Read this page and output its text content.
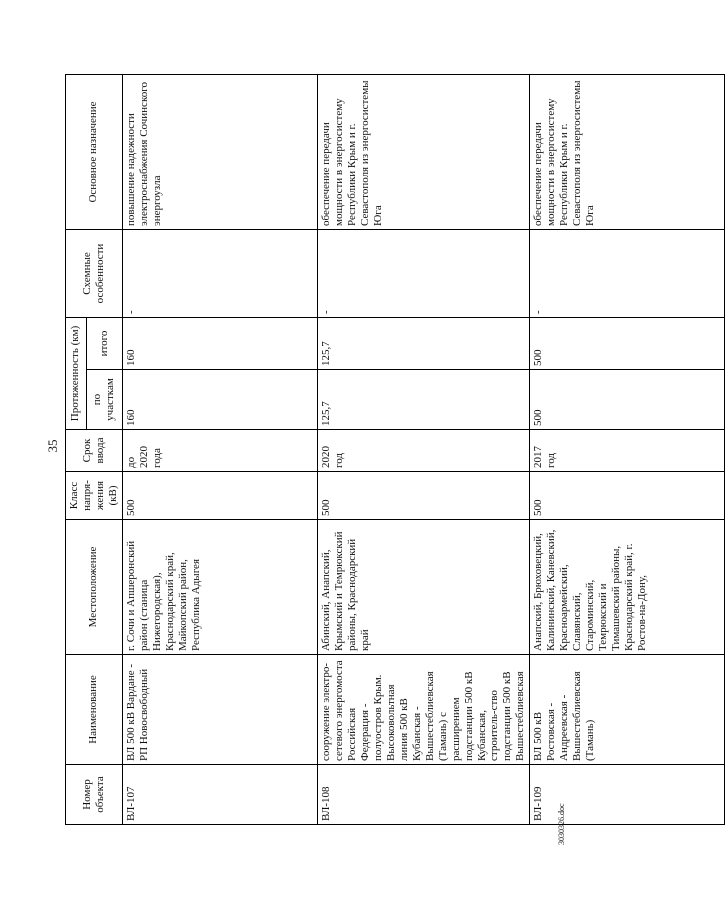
35
Номер объекта	Наименование	Местоположение	Класс напря-жения (кВ)	Срок ввода	Протяженность (км)		Схемные особенности	Основное назначение
					по участкам	итого		
ВЛ-107	ВЛ 500 кВ Вардане - РП Новосвободный	г. Сочи и Апшеронский район (станица Нижегородская), Краснодарский край, Майкопский район, Республика Адыгея	500	до 2020 года	160	160	-	повышение надежности электроснабжения Сочинского энергоузла
ВЛ-108	сооружение электро-сетевого энергомоста Российская Федерация - полуостров Крым. Высоковольтная линия 500 кВ Кубанская - Вышестеблиевская (Тамань) с расширением подстанции 500 кВ Кубанская, строитель-ство подстанции 500 кВ Вышестеблиевская	Абинский, Анапский, Крымский и Темрюкский районы, Краснодарский край	500	2020 год	125,7	125,7	-	обеспечение передачи мощности в энергосистему Республики Крым и г. Севастополя из энергосистемы Юга
ВЛ-109	ВЛ 500 кВ Ростовская - Андреевская - Вышестеблиевская (Тамань)	Анапский, Брюховецкий, Калининский, Каневский, Красноармейский, Славянский, Староминский, Темрюкский и Тимашевский районы, Краснодарский край, г. Ростов-на-Дону,	500	2017 год	500	500	-	обеспечение передачи мощности в энергосистему Республики Крым и г. Севастополя из энергосистемы Юга
3030326.doc
